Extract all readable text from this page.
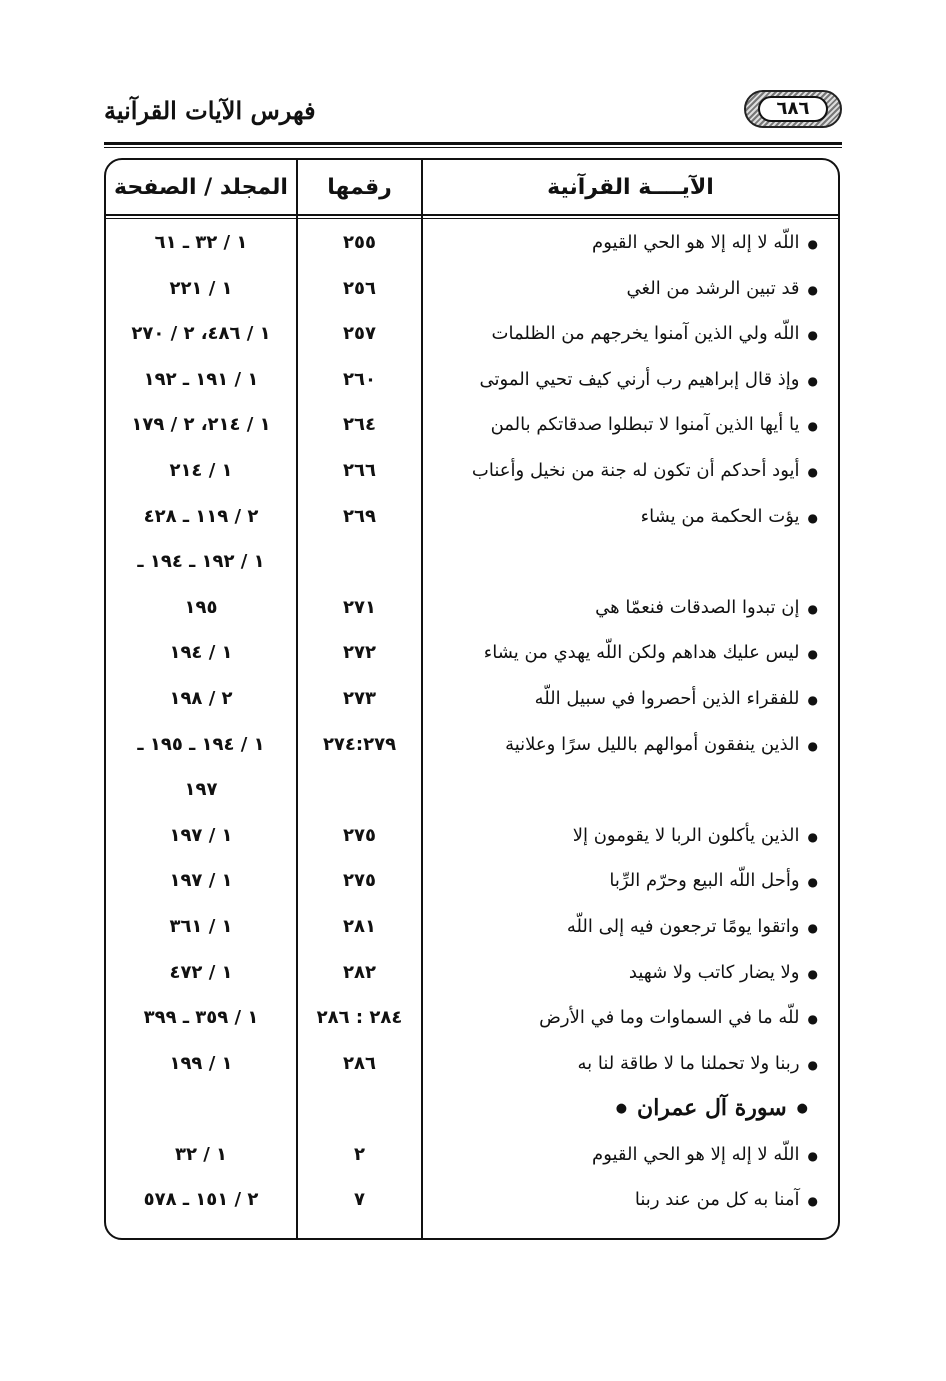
فهرس الآيات القرآنية	٦٨٦
الآيــــة القرآنية
رقمها
المجلد / الصفحة
●اللّه لا إله إلا هو الحي القيوم
٢٥٥
١ / ٣٢ ـ ٦١
●قد تبين الرشد من الغي
٢٥٦
١ / ٢٢١
●اللّه ولي الذين آمنوا يخرجهم من الظلمات
٢٥٧
١ / ٤٨٦، ٢ / ٢٧٠
●وإذ قال إبراهيم رب أرني كيف تحيي الموتى
٢٦٠
١ / ١٩١ ـ ١٩٢
●يا أيها الذين آمنوا لا تبطلوا صدقاتكم بالمن
٢٦٤
١ / ٢١٤، ٢ / ١٧٩
●أيود أحدكم أن تكون له جنة من نخيل وأعناب
٢٦٦
١ / ٢١٤
●يؤت الحكمة من يشاء
٢٦٩
٢ / ١١٩ ـ ٤٢٨
١ / ١٩٢ ـ ١٩٤ ـ
●إن تبدوا الصدقات فنعمّا هي
٢٧١
١٩٥
●ليس عليك هداهم ولكن اللّه يهدي من يشاء
٢٧٢
١ / ١٩٤
●للفقراء الذين أحصروا في سبيل اللّه
٢٧٣
٢ / ١٩٨
●الذين ينفقون أموالهم بالليل سرًا وعلانية
٢٧٤:٢٧٩
١ / ١٩٤ ـ ١٩٥ ـ
١٩٧
●الذين يأكلون الربا لا يقومون إلا
٢٧٥
١ / ١٩٧
●وأحل اللّه البيع وحرّم الرِّبا
٢٧٥
١ / ١٩٧
●واتقوا يومًا ترجعون فيه إلى اللّه
٢٨١
١ / ٣٦١
●ولا يضار كاتب ولا شهيد
٢٨٢
١ / ٤٧٢
●للّه ما في السماوات وما في الأرض
٢٨٤ : ٢٨٦
١ / ٣٥٩ ـ ٣٩٩
●ربنا ولا تحملنا ما لا طاقة لنا به
٢٨٦
١ / ١٩٩
●سورة آل عمران●
●اللّه لا إله إلا هو الحي القيوم
٢
١ / ٣٢
●آمنا به كل من عند ربنا
٧
٢ / ١٥١ ـ ٥٧٨
